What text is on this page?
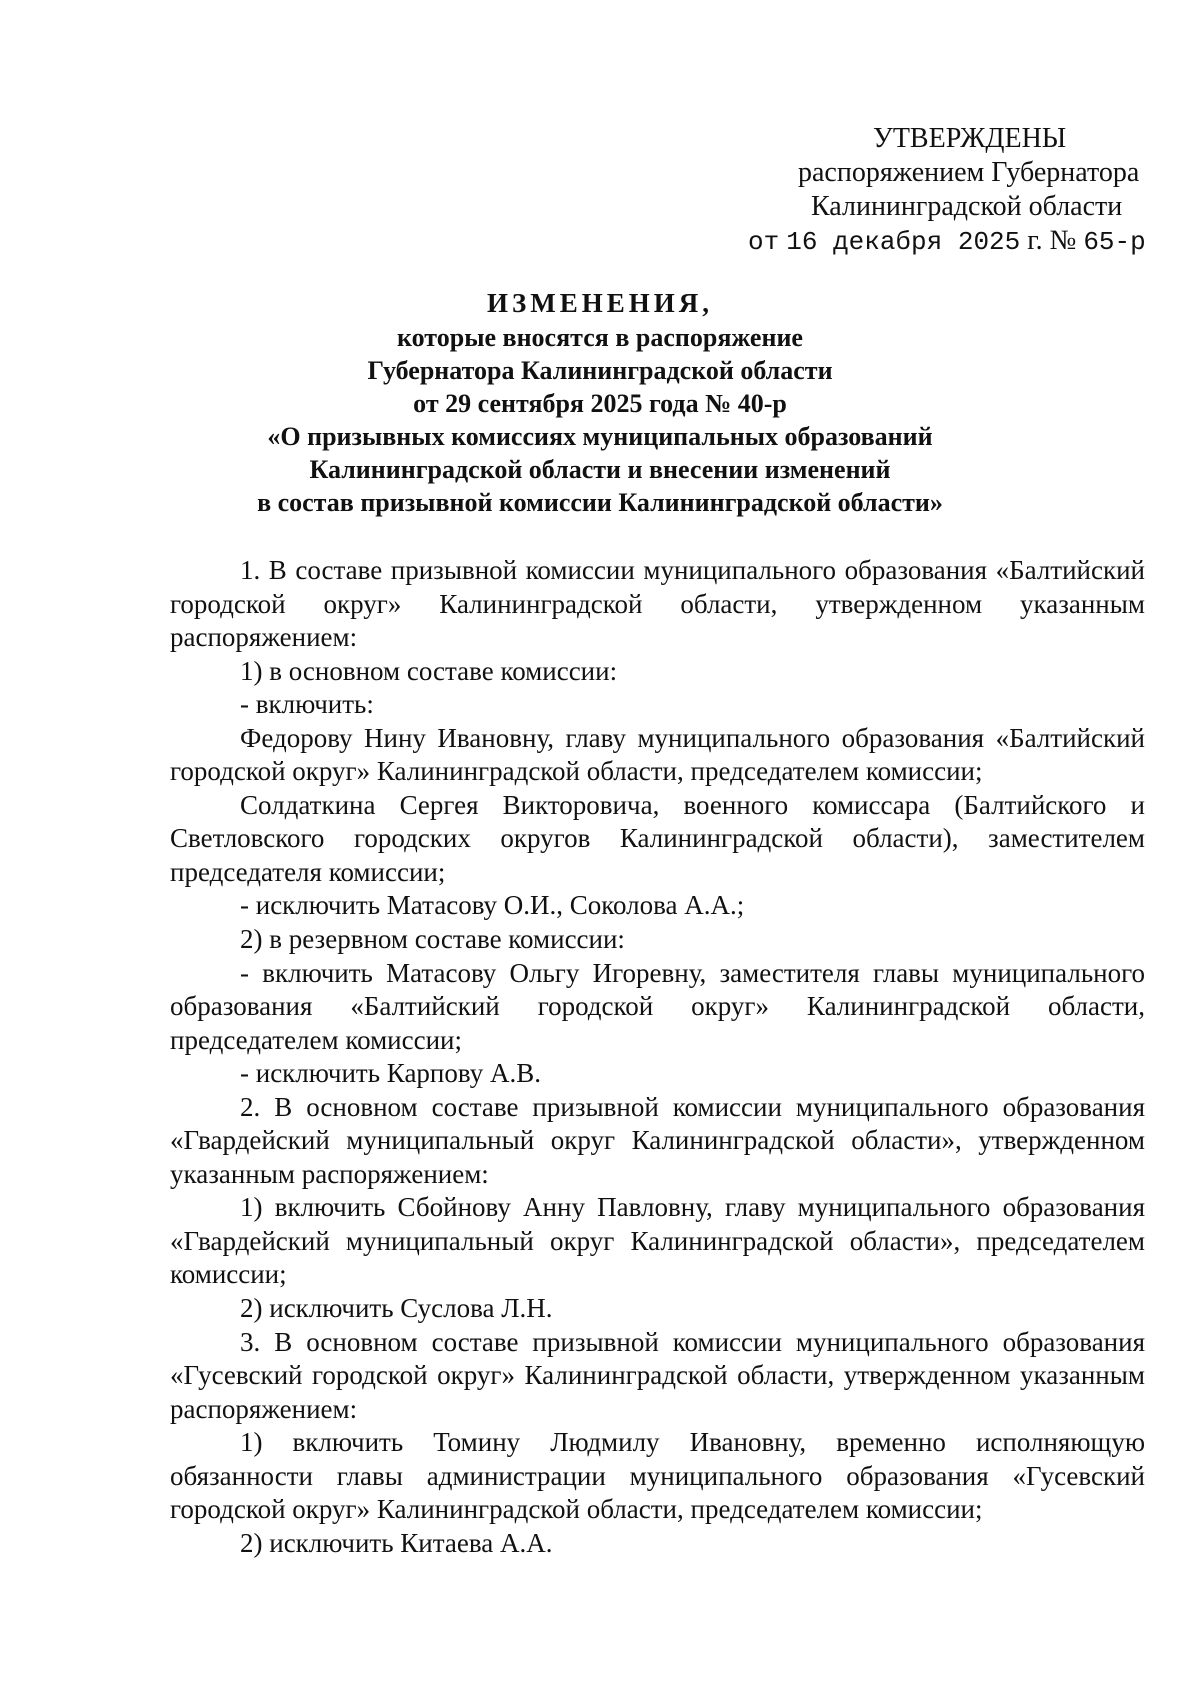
УТВЕРЖДЕНЫ
распоряжением Губернатора
Калининградской области
от 16 декабря 2025 г. № 65-р
ИЗМЕНЕНИЯ,
которые вносятся в распоряжение
Губернатора Калининградской области
от 29 сентября 2025 года № 40-р
«О призывных комиссиях муниципальных образований
Калининградской области и внесении изменений
в состав призывной комиссии Калининградской области»

1. В составе призывной комиссии муниципального образования «Балтийский городской округ» Калининградской области, утвержденном указанным распоряжением:

1) в основном составе комиссии:

- включить:

Федорову Нину Ивановну, главу муниципального образования «Балтийский городской округ» Калининградской области, председателем комиссии;

Солдаткина Сергея Викторовича, военного комиссара (Балтийского и Светловского городских округов Калининградской области), заместителем председателя комиссии;

- исключить Матасову О.И., Соколова А.А.;

2) в резервном составе комиссии:

- включить Матасову Ольгу Игоревну, заместителя главы муниципального образования «Балтийский городской округ» Калининградской области, председателем комиссии;

- исключить Карпову А.В.

2. В основном составе призывной комиссии муниципального образования «Гвардейский муниципальный округ Калининградской области», утвержденном указанным распоряжением:

1) включить Сбойнову Анну Павловну, главу муниципального образования «Гвардейский муниципальный округ Калининградской области», председателем комиссии;

2) исключить Суслова Л.Н.

3. В основном составе призывной комиссии муниципального образования «Гусевский городской округ» Калининградской области, утвержденном указанным распоряжением:

1) включить Томину Людмилу Ивановну, временно исполняющую обязанности главы администрации муниципального образования «Гусевский городской округ» Калининградской области, председателем комиссии;

2) исключить Китаева А.А.
